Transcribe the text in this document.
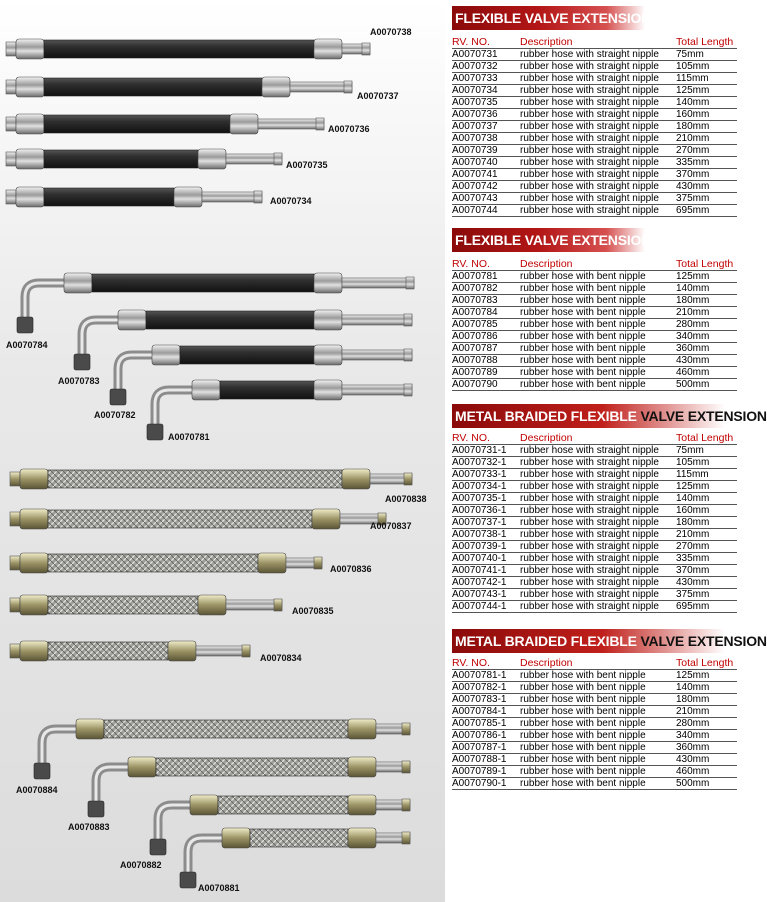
A0070738
A0070737
A0070736
A0070735
A0070734
A0070784
A0070783
A0070782
A0070781
A0070838
A0070837
A0070836
A0070835
A0070834
A0070884
A0070883
A0070882
A0070881
FLEXIBLE VALVE EXTENSION
RV. NO.	Description	Total Length
A0070731	rubber hose with straight nipple	75mm
A0070732	rubber hose with straight nipple	105mm
A0070733	rubber hose with straight nipple	115mm
A0070734	rubber hose with straight nipple	125mm
A0070735	rubber hose with straight nipple	140mm
A0070736	rubber hose with straight nipple	160mm
A0070737	rubber hose with straight nipple	180mm
A0070738	rubber hose with straight nipple	210mm
A0070739	rubber hose with straight nipple	270mm
A0070740	rubber hose with straight nipple	335mm
A0070741	rubber hose with straight nipple	370mm
A0070742	rubber hose with straight nipple	430mm
A0070743	rubber hose with straight nipple	375mm
A0070744	rubber hose with straight nipple	695mm
FLEXIBLE VALVE EXTENSION
RV. NO.	Description	Total Length
A0070781	rubber hose with bent nipple	125mm
A0070782	rubber hose with bent nipple	140mm
A0070783	rubber hose with bent nipple	180mm
A0070784	rubber hose with bent nipple	210mm
A0070785	rubber hose with bent nipple	280mm
A0070786	rubber hose with bent nipple	340mm
A0070787	rubber hose with bent nipple	360mm
A0070788	rubber hose with bent nipple	430mm
A0070789	rubber hose with bent nipple	460mm
A0070790	rubber hose with bent nipple	500mm
METAL BRAIDED FLEXIBLE VALVE EXTENSION
RV. NO.	Description	Total Length
A0070731-1	rubber hose with straight nipple	75mm
A0070732-1	rubber hose with straight nipple	105mm
A0070733-1	rubber hose with straight nipple	115mm
A0070734-1	rubber hose with straight nipple	125mm
A0070735-1	rubber hose with straight nipple	140mm
A0070736-1	rubber hose with straight nipple	160mm
A0070737-1	rubber hose with straight nipple	180mm
A0070738-1	rubber hose with straight nipple	210mm
A0070739-1	rubber hose with straight nipple	270mm
A0070740-1	rubber hose with straight nipple	335mm
A0070741-1	rubber hose with straight nipple	370mm
A0070742-1	rubber hose with straight nipple	430mm
A0070743-1	rubber hose with straight nipple	375mm
A0070744-1	rubber hose with straight nipple	695mm
METAL BRAIDED FLEXIBLE VALVE EXTENSION
RV. NO.	Description	Total Length
A0070781-1	rubber hose with bent nipple	125mm
A0070782-1	rubber hose with bent nipple	140mm
A0070783-1	rubber hose with bent nipple	180mm
A0070784-1	rubber hose with bent nipple	210mm
A0070785-1	rubber hose with bent nipple	280mm
A0070786-1	rubber hose with bent nipple	340mm
A0070787-1	rubber hose with bent nipple	360mm
A0070788-1	rubber hose with bent nipple	430mm
A0070789-1	rubber hose with bent nipple	460mm
A0070790-1	rubber hose with bent nipple	500mm
